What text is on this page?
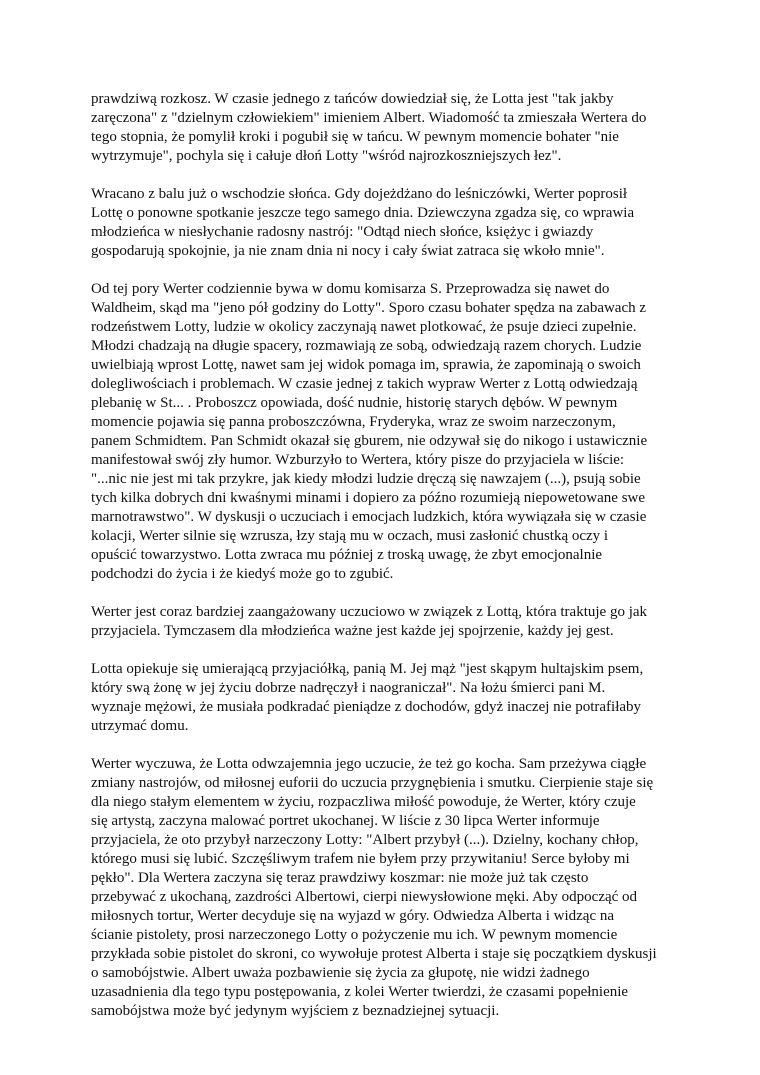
prawdziwą rozkosz. W czasie jednego z tańców dowiedział się, że Lotta jest "tak jakby
zaręczona" z "dzielnym człowiekiem" imieniem Albert. Wiadomość ta zmieszała Wertera do
tego stopnia, że pomylił kroki i pogubił się w tańcu. W pewnym momencie bohater "nie
wytrzymuje", pochyla się i całuje dłoń Lotty "wśród najrozkoszniejszych łez".
Wracano z balu już o wschodzie słońca. Gdy dojeżdżano do leśniczówki, Werter poprosił
Lottę o ponowne spotkanie jeszcze tego samego dnia. Dziewczyna zgadza się, co wprawia
młodzieńca w niesłychanie radosny nastrój: "Odtąd niech słońce, księżyc i gwiazdy
gospodarują spokojnie, ja nie znam dnia ni nocy i cały świat zatraca się wkoło mnie".
Od tej pory Werter codziennie bywa w domu komisarza S. Przeprowadza się nawet do
Waldheim, skąd ma "jeno pół godziny do Lotty". Sporo czasu bohater spędza na zabawach z
rodzeństwem Lotty, ludzie w okolicy zaczynają nawet plotkować, że psuje dzieci zupełnie.
Młodzi chadzają na długie spacery, rozmawiają ze sobą, odwiedzają razem chorych. Ludzie
uwielbiają wprost Lottę, nawet sam jej widok pomaga im, sprawia, że zapominają o swoich
dolegliwościach i problemach. W czasie jednej z takich wypraw Werter z Lottą odwiedzają
plebanię w St... . Proboszcz opowiada, dość nudnie, historię starych dębów. W pewnym
momencie pojawia się panna proboszczówna, Fryderyka, wraz ze swoim narzeczonym,
panem Schmidtem. Pan Schmidt okazał się gburem, nie odzywał się do nikogo i ustawicznie
manifestował swój zły humor. Wzburzyło to Wertera, który pisze do przyjaciela w liście:
"...nic nie jest mi tak przykre, jak kiedy młodzi ludzie dręczą się nawzajem (...), psują sobie
tych kilka dobrych dni kwaśnymi minami i dopiero za późno rozumieją niepowetowane swe
marnotrawstwo". W dyskusji o uczuciach i emocjach ludzkich, która wywiązała się w czasie
kolacji, Werter silnie się wzrusza, łzy stają mu w oczach, musi zasłonić chustką oczy i
opuścić towarzystwo. Lotta zwraca mu później z troską uwagę, że zbyt emocjonalnie
podchodzi do życia i że kiedyś może go to zgubić.
Werter jest coraz bardziej zaangażowany uczuciowo w związek z Lottą, która traktuje go jak
przyjaciela. Tymczasem dla młodzieńca ważne jest każde jej spojrzenie, każdy jej gest.
Lotta opiekuje się umierającą przyjaciółką, panią M. Jej mąż "jest skąpym hultajskim psem,
który swą żonę w jej życiu dobrze nadręczył i naograniczał". Na łożu śmierci pani M.
wyznaje mężowi, że musiała podkradać pieniądze z dochodów, gdyż inaczej nie potrafiłaby
utrzymać domu.
Werter wyczuwa, że Lotta odwzajemnia jego uczucie, że też go kocha. Sam przeżywa ciągłe
zmiany nastrojów, od miłosnej euforii do uczucia przygnębienia i smutku. Cierpienie staje się
dla niego stałym elementem w życiu, rozpaczliwa miłość powoduje, że Werter, który czuje
się artystą, zaczyna malować portret ukochanej. W liście z 30 lipca Werter informuje
przyjaciela, że oto przybył narzeczony Lotty: "Albert przybył (...). Dzielny, kochany chłop,
którego musi się lubić. Szczęśliwym trafem nie byłem przy przywitaniu! Serce byłoby mi
pękło". Dla Wertera zaczyna się teraz prawdziwy koszmar: nie może już tak często
przebywać z ukochaną, zazdrości Albertowi, cierpi niewysłowione męki. Aby odpocząć od
miłosnych tortur, Werter decyduje się na wyjazd w góry. Odwiedza Alberta i widząc na
ścianie pistolety, prosi narzeczonego Lotty o pożyczenie mu ich. W pewnym momencie
przykłada sobie pistolet do skroni, co wywołuje protest Alberta i staje się początkiem dyskusji
o samobójstwie. Albert uważa pozbawienie się życia za głupotę, nie widzi żadnego
uzasadnienia dla tego typu postępowania, z kolei Werter twierdzi, że czasami popełnienie
samobójstwa może być jedynym wyjściem z beznadziejnej sytuacji.
